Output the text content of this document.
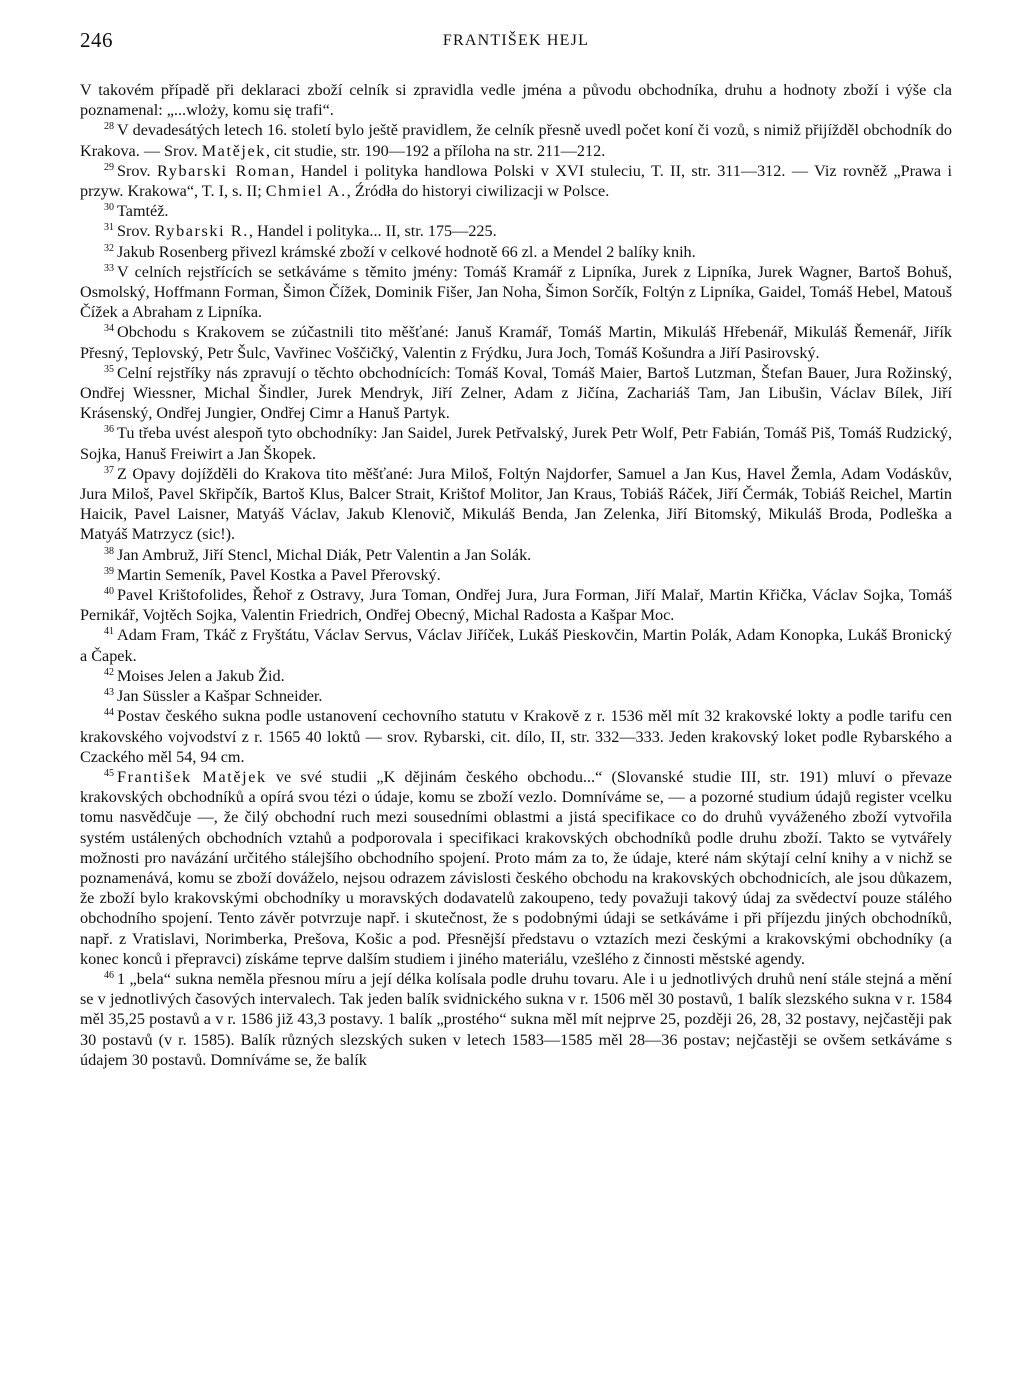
246	FRANTIŠEK HEJL

V takovém případě při deklaraci zboží celník si zpravidla vedle jména a původu obchodníka, druhu a hodnoty zboží i výše cla poznamenal: „...wloży, komu się trafi“.

$^{28}$ V devadesátých letech 16. století bylo ještě pravidlem, že celník přesně uvedl počet koní či vozů, s nimiž přijížděl obchodník do Krakova. — Srov. Matějek, cit studie, str. 190—192 a příloha na str. 211—212.

$^{29}$ Srov. Rybarski Roman, Handel i polityka handlowa Polski v XVI stuleciu, T. II, str. 311—312. — Viz rovněž „Prawa i przyw. Krakowa“, T. I, s. II; Chmiel A., Źródła do historyi ciwilizacji w Polsce.

$^{30}$ Tamtéž.

$^{31}$ Srov. Rybarski R., Handel i polityka... II, str. 175—225.

$^{32}$ Jakub Rosenberg přivezl krámské zboží v celkové hodnotě 66 zl. a Mendel 2 balíky knih.

$^{33}$ V celních rejstřících se setkáváme s těmito jmény: Tomáš Kramář z Lipníka, Jurek z Lipníka, Jurek Wagner, Bartoš Bohuš, Osmolský, Hoffmann Forman, Šimon Čížek, Dominik Fišer, Jan Noha, Šimon Sorčík, Foltýn z Lipníka, Gaidel, Tomáš Hebel, Matouš Čížek a Abraham z Lipníka.

$^{34}$ Obchodu s Krakovem se zúčastnili tito měšťané: Januš Kramář, Tomáš Martin, Mikuláš Hřebenář, Mikuláš Řemenář, Jiřík Přesný, Teplovský, Petr Šulc, Vavřinec Voščičký, Valentin z Frýdku, Jura Joch, Tomáš Košundra a Jiří Pasirovský.

$^{35}$ Celní rejstříky nás zpravují o těchto obchodnících: Tomáš Koval, Tomáš Maier, Bartoš Lutzman, Štefan Bauer, Jura Rožinský, Ondřej Wiessner, Michal Šindler, Jurek Mendryk, Jiří Zelner, Adam z Jičína, Zachariáš Tam, Jan Libušin, Václav Bílek, Jiří Krásenský, Ondřej Jungier, Ondřej Cimr a Hanuš Partyk.

$^{36}$ Tu třeba uvést alespoň tyto obchodníky: Jan Saidel, Jurek Petřvalský, Jurek Petr Wolf, Petr Fabián, Tomáš Piš, Tomáš Rudzický, Sojka, Hanuš Freiwirt a Jan Škopek.

$^{37}$ Z Opavy dojížděli do Krakova tito měšťané: Jura Miloš, Foltýn Najdorfer, Samuel a Jan Kus, Havel Žemla, Adam Vodáskův, Jura Miloš, Pavel Skřipčík, Bartoš Klus, Balcer Strait, Krištof Molitor, Jan Kraus, Tobiáš Ráček, Jiří Čermák, Tobiáš Reichel, Martin Haicik, Pavel Laisner, Matyáš Václav, Jakub Klenovič, Mikuláš Benda, Jan Zelenka, Jiří Bitomský, Mikuláš Broda, Podleška a Matyáš Matrzycz (sic!).

$^{38}$ Jan Ambruž, Jiří Stencl, Michal Diák, Petr Valentin a Jan Solák.

$^{39}$ Martin Semeník, Pavel Kostka a Pavel Přerovský.

$^{40}$ Pavel Krištofolides, Řehoř z Ostravy, Jura Toman, Ondřej Jura, Jura Forman, Jiří Malař, Martin Křička, Václav Sojka, Tomáš Pernikář, Vojtěch Sojka, Valentin Friedrich, Ondřej Obecný, Michal Radosta a Kašpar Moc.

$^{41}$ Adam Fram, Tkáč z Fryštátu, Václav Servus, Václav Jiříček, Lukáš Pieskovčin, Martin Polák, Adam Konopka, Lukáš Bronický a Čapek.

$^{42}$ Moises Jelen a Jakub Žid.

$^{43}$ Jan Süssler a Kašpar Schneider.

$^{44}$ Postav českého sukna podle ustanovení cechovního statutu v Krakově z r. 1536 měl mít 32 krakovské lokty a podle tarifu cen krakovského vojvodství z r. 1565 40 loktů — srov. Rybarski, cit. dílo, II, str. 332—333. Jeden krakovský loket podle Rybarského a Czackého měl 54, 94 cm.

$^{45}$ František Matějek ve své studii „K dějinám českého obchodu...“ (Slovanské studie III, str. 191) mluví o převaze krakovských obchodníků a opírá svou tézi o údaje, komu se zboží vezlo. Domníváme se, — a pozorné studium údajů register vcelku tomu nasvědčuje —, že čilý obchodní ruch mezi sousedními oblastmi a jistá specifikace co do druhů vyváženého zboží vytvořila systém ustálených obchodních vztahů a podporovala i specifikaci krakovských obchodníků podle druhu zboží. Takto se vytvářely možnosti pro navázání určitého stálejšího obchodního spojení. Proto mám za to, že údaje, které nám skýtají celní knihy a v nichž se poznamenává, komu se zboží dováželo, nejsou odrazem závislosti českého obchodu na krakovských obchodnicích, ale jsou důkazem, že zboží bylo krakovskými obchodníky u moravských dodavatelů zakoupeno, tedy považuji takový údaj za svědectví pouze stálého obchodního spojení. Tento závěr potvrzuje např. i skutečnost, že s podobnými údaji se setkáváme i při příjezdu jiných obchodníků, např. z Vratislavi, Norimberka, Prešova, Košic a pod. Přesnější představu o vztazích mezi českými a krakovskými obchodníky (a konec konců i přepravci) získáme teprve dalším studiem i jiného materiálu, vzešlého z činnosti městské agendy.

$^{46}$ 1 „bela“ sukna neměla přesnou míru a její délka kolísala podle druhu tovaru. Ale i u jednotlivých druhů není stále stejná a mění se v jednotlivých časových intervalech. Tak jeden balík svidnického sukna v r. 1506 měl 30 postavů, 1 balík slezského sukna v r. 1584 měl 35,25 postavů a v r. 1586 již 43,3 postavy. 1 balík „prostého“ sukna měl mít nejprve 25, později 26, 28, 32 postavy, nejčastěji pak 30 postavů (v r. 1585). Balík různých slezských suken v letech 1583—1585 měl 28—36 postav; nejčastěji se ovšem setkáváme s údajem 30 postavů. Domníváme se, že balík
